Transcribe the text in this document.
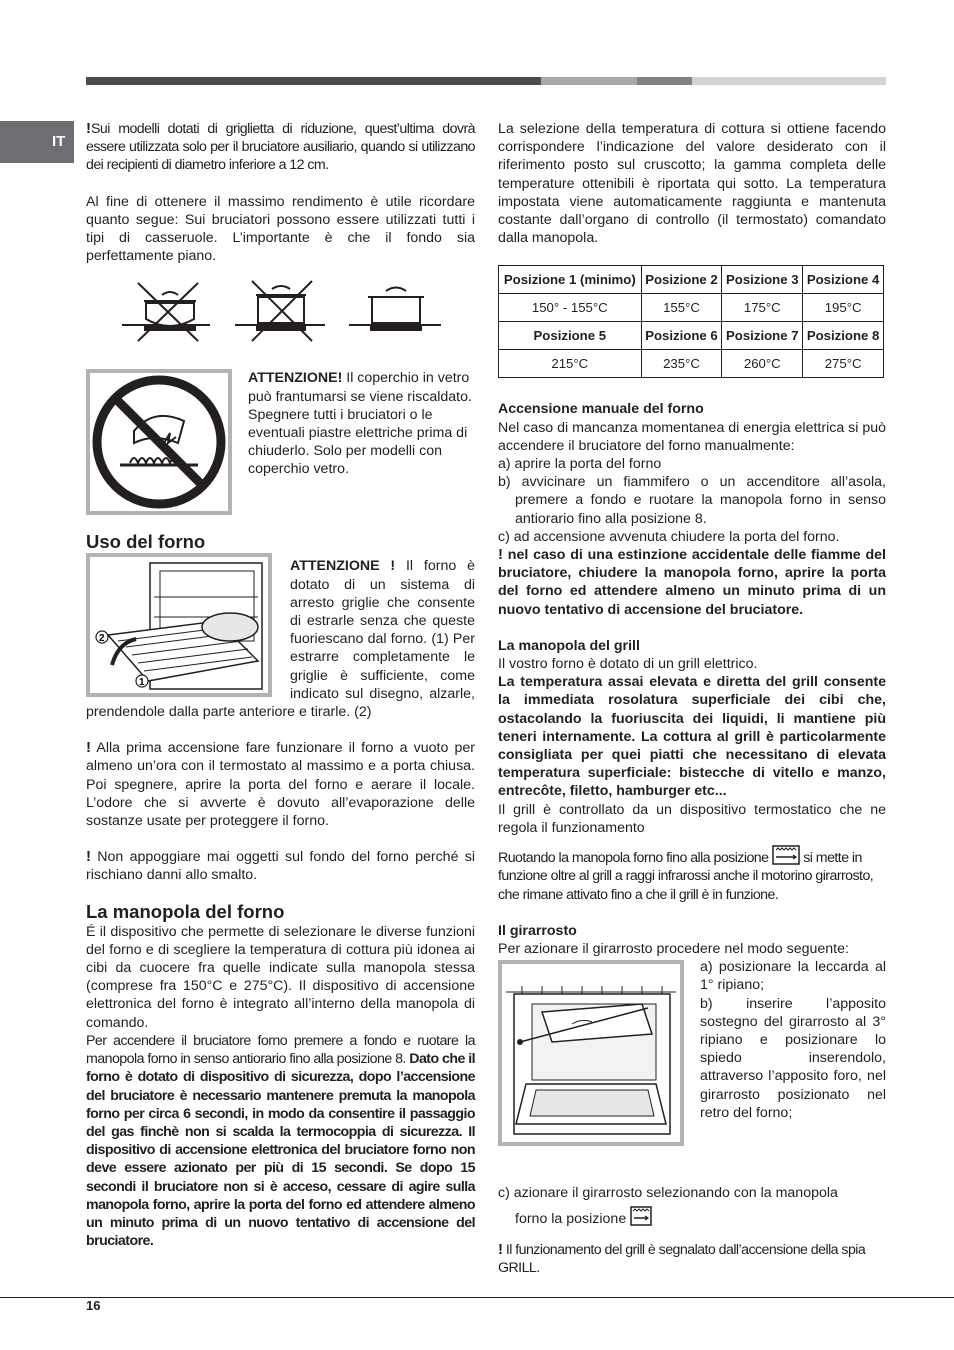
IT

!Sui modelli dotati di griglietta di riduzione, quest’ultima dovrà essere utilizzata solo per il bruciatore ausiliario, quando si utilizzano dei recipienti di diametro inferiore a 12 cm.

Al fine di ottenere il massimo rendimento è utile ricordare quanto segue: Sui bruciatori possono essere utilizzati tutti i tipi di casseruole. L’importante è che il fondo sia perfettamente piano.

ATTENZIONE! Il coperchio in vetro può frantumarsi se viene riscaldato. Spegnere tutti i bruciatori o le eventuali piastre elettriche prima di chiuderlo. Solo per modelli con coperchio vetro.

Uso del forno
2
1

ATTENZIONE ! Il forno è dotato di un sistema di arresto griglie che consente di estrarle senza che queste fuoriescano dal forno. (1) Per estrarre completamente le griglie è sufficiente, come indicato sul disegno, alzarle, prendendole dalla parte anteriore e tirarle. (2)

! Alla prima accensione fare funzionare il forno a vuoto per almeno un’ora con il termostato al massimo e a porta chiusa. Poi spegnere, aprire la porta del forno e aerare il locale. L’odore che si avverte è dovuto all’evaporazione delle sostanze usate per proteggere il forno.

! Non appoggiare mai oggetti sul fondo del forno perché si rischiano danni allo smalto.

La manopola del forno

É il dispositivo che permette di selezionare le diverse funzioni del forno e di scegliere la temperatura di cottura più idonea ai cibi da cuocere fra quelle indicate sulla manopola stessa (comprese fra 150°C e 275°C). Il dispositivo di accensione elettronica del forno è integrato all’interno della manopola di comando.

Per accendere il bruciatore forno premere a fondo e ruotare la manopola forno in senso antiorario fino alla posizione 8. Dato che il forno è dotato di dispositivo di sicurezza, dopo l’accensione del bruciatore è necessario mantenere premuta la manopola forno per circa 6 secondi, in modo da consentire il passaggio del gas finchè non si scalda la termocoppia di sicurezza. Il dispositivo di accensione elettronica del bruciatore forno non deve essere azionato per più di 15 secondi. Se dopo 15 secondi il bruciatore non si è acceso, cessare di agire sulla manopola forno, aprire la porta del forno ed attendere almeno un minuto prima di un nuovo tentativo di accensione del bruciatore.

La selezione della temperatura di cottura si ottiene facendo corrispondere l’indicazione del valore desiderato con il riferimento posto sul cruscotto; la gamma completa delle temperature ottenibili è riportata qui sotto. La temperatura impostata viene automaticamente raggiunta e mantenuta costante dall’organo di controllo (il termostato) comandato dalla manopola.

Posizione 1 (minimo)	Posizione 2	Posizione 3	Posizione 4
150° - 155°C	155°C	175°C	195°C
Posizione 5	Posizione 6	Posizione 7	Posizione 8
215°C	235°C	260°C	275°C

Accensione manuale del forno

Nel caso di mancanza momentanea di energia elettrica si può accendere il bruciatore del forno manualmente:

a) aprire la porta del forno

b) avvicinare un fiammifero o un accenditore all’asola, premere a fondo e ruotare la manopola forno in senso antiorario fino alla posizione 8.

c) ad accensione avvenuta chiudere la porta del forno.

! nel caso di una estinzione accidentale delle fiamme del bruciatore, chiudere la manopola forno, aprire la porta del forno ed attendere almeno un minuto prima di un nuovo tentativo di accensione del bruciatore.

La manopola del grill

Il vostro forno è dotato di un grill elettrico.

La temperatura assai elevata e diretta del grill consente la immediata rosolatura superficiale dei cibi che, ostacolando la fuoriuscita dei liquidi, li mantiene più teneri internamente. La cottura al grill è particolarmente consigliata per quei piatti che necessitano di elevata temperatura superficiale: bistecche di vitello e manzo, entrecôte, filetto, hamburger etc...

Il grill è controllato da un dispositivo termostatico che ne regola il funzionamento

Ruotando la manopola forno fino alla posizione  si mette in funzione oltre al grill a raggi infrarossi anche il motorino girarrosto, che rimane attivato fino a che il grill è in funzione.

Il girarrosto

Per azionare il girarrosto procedere nel modo seguente:

a) posizionare la leccarda al 1° ripiano;

b) inserire l’apposito sostegno del girarrosto al 3° ripiano e posizionare lo spiedo inserendolo, attraverso l’apposito foro, nel girarrosto posizionato nel retro del forno;

c) azionare il girarrosto selezionando con la manopola

forno la posizione

! Il funzionamento del grill è segnalato dall’accensione della spia GRILL.

16
